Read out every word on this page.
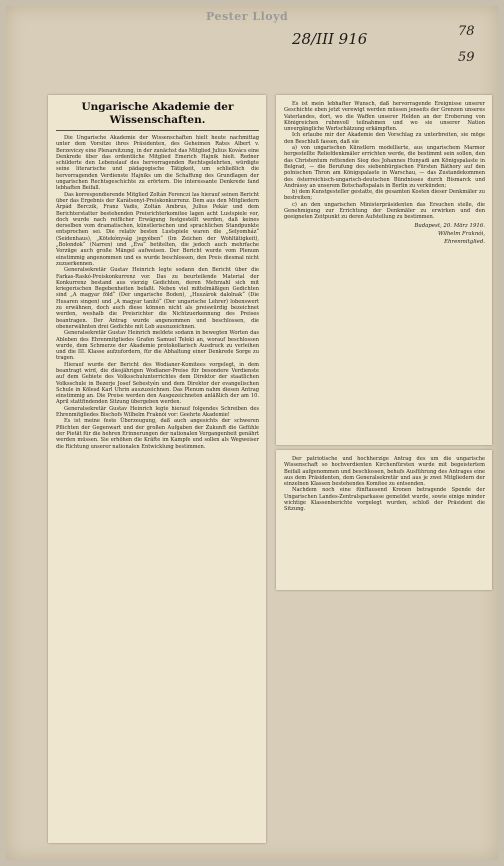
Pester Lloyd
28/III 916	78
59
Ungarische Akademie der Wissenschaften.

Die Ungarische Akademie der Wissenschaften hielt heute nachmittag unter dem Vorsitze ihres Präsidenten, des Geheimen Rates Albert v. Berzeviczy eine Plenarsitzung, in der zunächst das Mitglied Julius Kovács eine Denkrede über das ordentliche Mitglied Emerich Hajnik hielt. Redner schilderte den Lebenslauf des hervorragenden Rechtsgelehrten, würdigte seine literarische und pädagogische Tätigkeit, um schließlich die hervorragenden Verdienste Hajniks um die Schaffung des Grundlagen der ungarischen Rechtsgeschichte zu erörtern. Die interessante Denkrede fand lebhaften Beifall.

Das korrespondierende Mitglied Zoltán Ferenczi las hierauf seinen Bericht über das Ergebnis der Karátsonyi-Preiskonkurrenz. Dem aus den Mitgliedern Árpád Berczik, Franz Vadis, Zoltán Ambrus, Julius Pekár und dem Berichterstatter bestehenden Preisrichterkomitee lagen acht Lustspiele vor, doch wurde nach reiflicher Erwägung festgestellt werden, daß keines derselben vom dramatischen, künstlerischen und sprachlichen Standpunkte entsprochen sei. Die relativ besten Lustspiele waren die „Selyomház“ (Seidenhaus), „Kötekónyság jegyében“ (Im Zeichen der Wohltätigkeit), „Bolondok“ (Narren) und „Éva“ betitelten, die jedoch auch mehrfache Vorzüge auch große Mängel aufweisen. Der Bericht wurde vom Plenum einstimmig angenommen und es wurde beschlossen, den Preis diesmal nicht zuzuerkennen.

Generalsekretär Gustav Heinrich legte sodann den Bericht über die Farkas-Raskó-Preiskonkurrenz vor. Das zu beurteilende Material der Konkurrenz bestand aus vierzig Gedichten, deren Mehrzahl sich mit kriegerischen Begebenheiten befaßt. Neben viel mittelmäßigen Gedichten sind „A magyar föld“ (Der ungarische Boden), „Huszárok dalolnak“ (Die Husaren singen) und „A magyar tanító“ (Der ungarische Lehrer) lobenswert zu erwähnen, doch auch diese können nicht als preiswürdig bezeichnet werden, weshalb die Preisrichter die Nichtzuerkennung des Preises beantragen. Der Antrag wurde angenommen und beschlossen, die obenerwähnten drei Gedichte mit Lob auszuzeichnen.

Generalsekretär Gustav Heinrich meldete sodann in bewegten Worten das Ableben des Ehrenmitgliedes Grafen Samuel Teleki an, worauf beschlossen wurde, dem Schmerze der Akademie protokollarisch Ausdruck zu verleihen und die III. Klasse aufzufordern, für die Abhaltung einer Denkrede Sorge zu tragen.

Hierauf wurde der Bericht des Wodianer-Komitees vorgelegt, in dem beantragt wird, die diesjährigen Wodianer-Preise für besondere Verdienste auf dem Gebiete des Volksschulunterrichtes dem Direktor der staatlichen Volksschule in Bezerje Josef Sebestyén und dem Direktor der evangelischen Schule in Kölesd Karl Uhrin auszuzeichnen. Das Plenum nahm diesen Antrag einstimmig an. Die Preise werden den Ausgezeichneten anläßlich der am 10. April stattfindenden Sitzung übergeben werden.

Generalsekretär Gustav Heinrich legte hierauf folgendes Schreiben des Ehrenmitgliedes Bischofs Wilhelm Fraknói vor: Geehrte Akademie!

Es ist meine feste Überzeugung, daß auch angesichts der schweren Pflichten der Gegenwart und der großen Aufgaben der Zukunft die Gefühle der Pietät für die hehren Erinnerungen der nationalen Vergangenheit genährt werden müssen. Sie erhöhen die Kräfte im Kampfe und sollen als Wegweiser die Richtung unserer nationalen Entwicklung bestimmen.

Es ist mein lebhafter Wunsch, daß hervorragende Ereignisse unserer Geschichte eben jetzt verewigt werden müssen jenseits der Grenzen unseres Vaterlandes, dort, wo die Waffen unserer Helden an der Eroberung von Königreichen ruhmvoll teilnahmen und wo sie unserer Nation unvergängliche Wertschätzung erkämpften.

Ich erlaube mir der Akademie den Vorschlag zu unterbreiten, sie möge den Beschluß fassen, daß sie

a) von ungarischen Künstlern modellierte, aus ungarischem Marmor hergestellte Reliefdenkmäler errichten werde, die bestimmt sein sollen, den das Christentum rettenden Sieg des Johannes Hunyadi am Königspalaste in Belgrad, — die Berufung des siebenbürgischen Fürsten Báthory auf den polnischen Thron am Königspalaste in Warschau, — das Zustandekommen des österreichisch-ungarisch-deutschen Bündnisses durch Bismarck und Andrássy an unserem Botschaftspalais in Berlin zu verkünden;

b) dem Kunstgesteller gestatte, die gesamten Kosten dieser Denkmäler zu bestreiten;

c) an den ungarischen Ministerpräsidenten das Ersuchen stelle, die Genehmigung zur Errichtung der Denkmäler zu erwirken und den geeigneten Zeitpunkt zu deren Aufstellung zu bestimmen.

Budapest, 20. März 1916.

Wilhelm Fraknói,

Ehrenmitglied.

Der patriotische und hochherzige Antrag des um die ungarische Wissenschaft so hochverdienten Kirchenfürsten wurde mit begeistertem Beifall aufgenommen und beschlossen, behufs Ausführung des Antrages eine aus dem Präsidenten, dem Generalsekretär und aus je zwei Mitgliedern der einzelnen Klassen bestehendes Komitee zu entsenden.

Nachdem noch eine fünftausend Kronen betragende Spende der Ungarischen Landes-Zentralsparkasse gemeldet wurde, sowie einige minder wichtige Klassenberichte vorgelegt wurden, schloß der Präsident die Sitzung.
